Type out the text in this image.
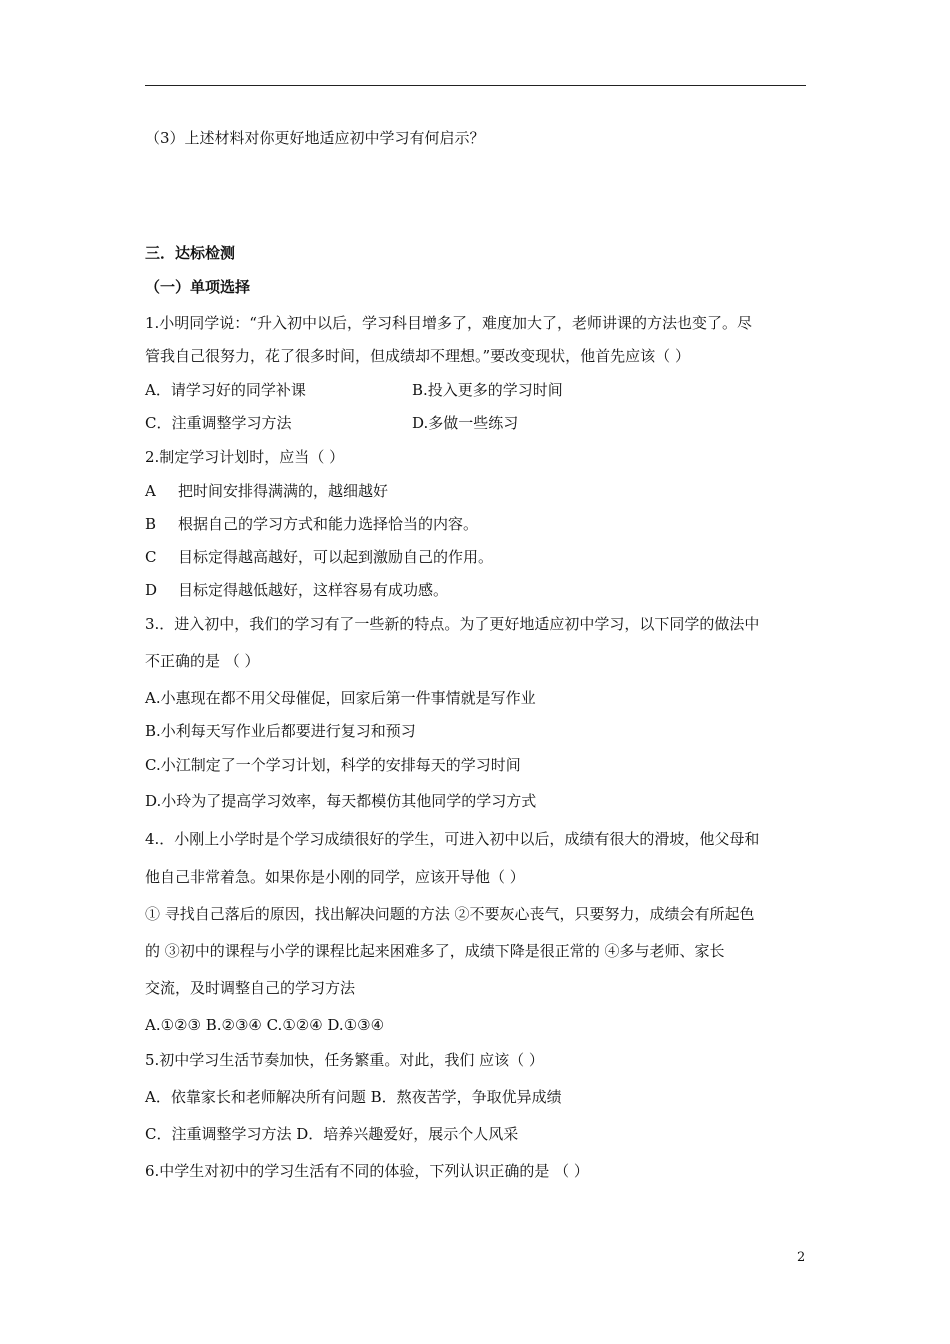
（3）上述材料对你更好地适应初中学习有何启示？
三．达标检测
（一）单项选择
1.小明同学说：“升入初中以后，学习科目增多了，难度加大了，老师讲课的方法也变了。尽
管我自己很努力，花了很多时间，但成绩却不理想。”要改变现状，他首先应该（ ）
A．请学习好的同学补课	B.投入更多的学习时间
C．注重调整学习方法	D.多做一些练习
2.制定学习计划时，应当（ ）
A 把时间安排得满满的，越细越好
B 根据自己的学习方式和能力选择恰当的内容。
C 目标定得越高越好，可以起到激励自己的作用。
D 目标定得越低越好，这样容易有成功感。
3.．进入初中，我们的学习有了一些新的特点。为了更好地适应初中学习，以下同学的做法中
不正确的是 （ ）
A.小惠现在都不用父母催促，回家后第一件事情就是写作业
B.小利每天写作业后都要进行复习和预习
C.小江制定了一个学习计划，科学的安排每天的学习时间
D.小玲为了提高学习效率，每天都模仿其他同学的学习方式
4.．小刚上小学时是个学习成绩很好的学生，可进入初中以后，成绩有很大的滑坡，他父母和
他自己非常着急。如果你是小刚的同学，应该开导他（ ）
① 寻找自己落后的原因，找出解决问题的方法 ②不要灰心丧气，只要努力，成绩会有所起色
的 ③初中的课程与小学的课程比起来困难多了，成绩下降是很正常的 ④多与老师、家长
交流，及时调整自己的学习方法
A.①②③ B.②③④ C.①②④ D.①③④
5.初中学习生活节奏加快，任务繁重。对此，我们 应该（ ）
A．依靠家长和老师解决所有问题 B．熬夜苦学，争取优异成绩
C．注重调整学习方法 D．培养兴趣爱好，展示个人风采
6.中学生对初中的学习生活有不同的体验，下列认识正确的是 （ ）
2
